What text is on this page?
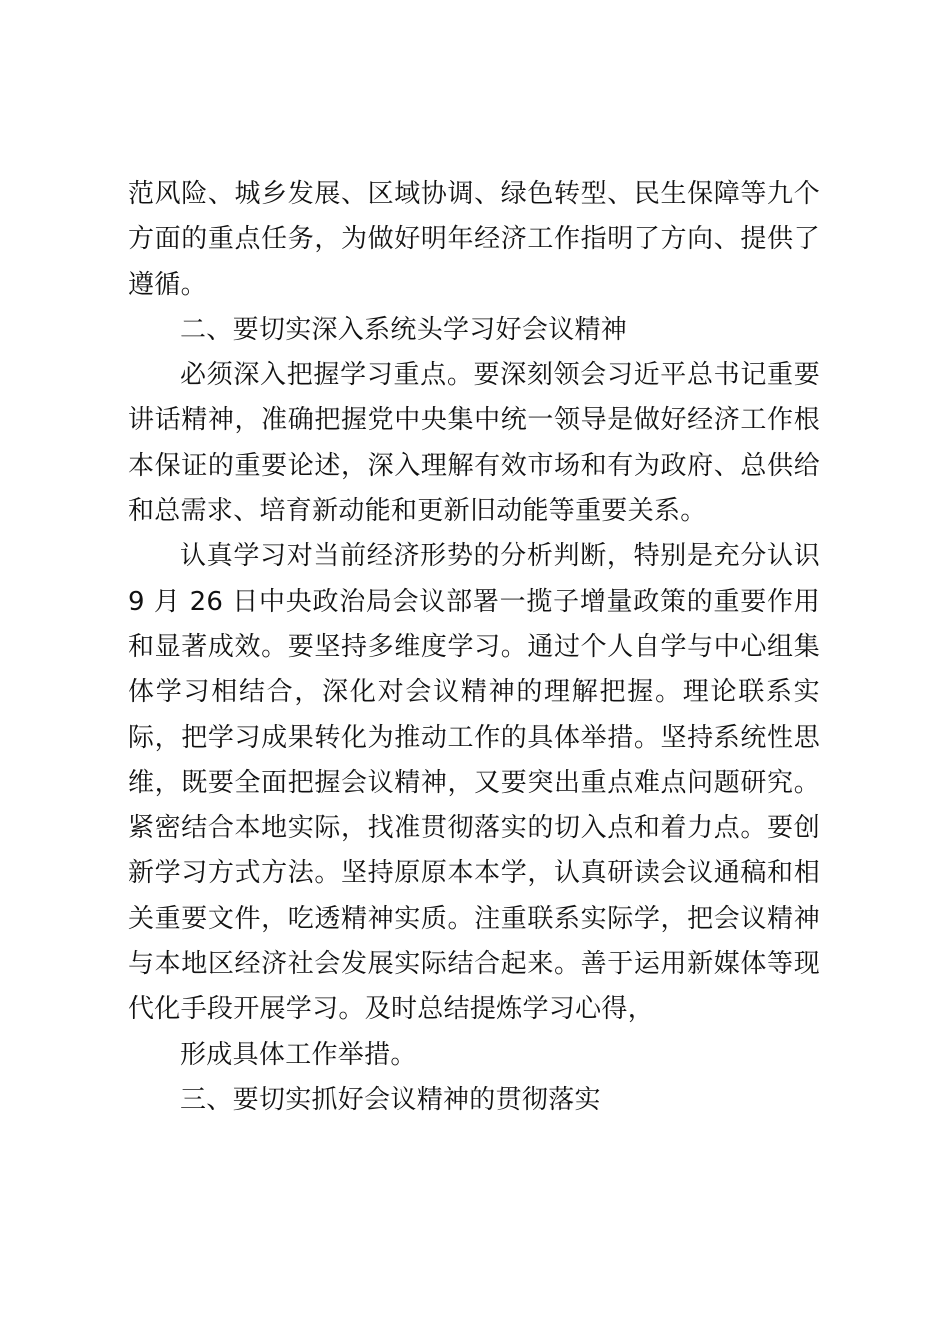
范风险、城乡发展、区域协调、绿色转型、民生保障等九个方面的重点任务，为做好明年经济工作指明了方向、提供了遵循。

二、要切实深入系统头学习好会议精神

必须深入把握学习重点。要深刻领会习近平总书记重要讲话精神，准确把握党中央集中统一领导是做好经济工作根本保证的重要论述，深入理解有效市场和有为政府、总供给和总需求、培育新动能和更新旧动能等重要关系。

认真学习对当前经济形势的分析判断，特别是充分认识 9 月 26 日中央政治局会议部署一揽子增量政策的重要作用和显著成效。要坚持多维度学习。通过个人自学与中心组集体学习相结合，深化对会议精神的理解把握。理论联系实际，把学习成果转化为推动工作的具体举措。坚持系统性思维，既要全面把握会议精神，又要突出重点难点问题研究。紧密结合本地实际，找准贯彻落实的切入点和着力点。要创新学习方式方法。坚持原原本本学，认真研读会议通稿和相关重要文件，吃透精神实质。注重联系实际学，把会议精神与本地区经济社会发展实际结合起来。善于运用新媒体等现代化手段开展学习。及时总结提炼学习心得，

形成具体工作举措。

三、要切实抓好会议精神的贯彻落实
